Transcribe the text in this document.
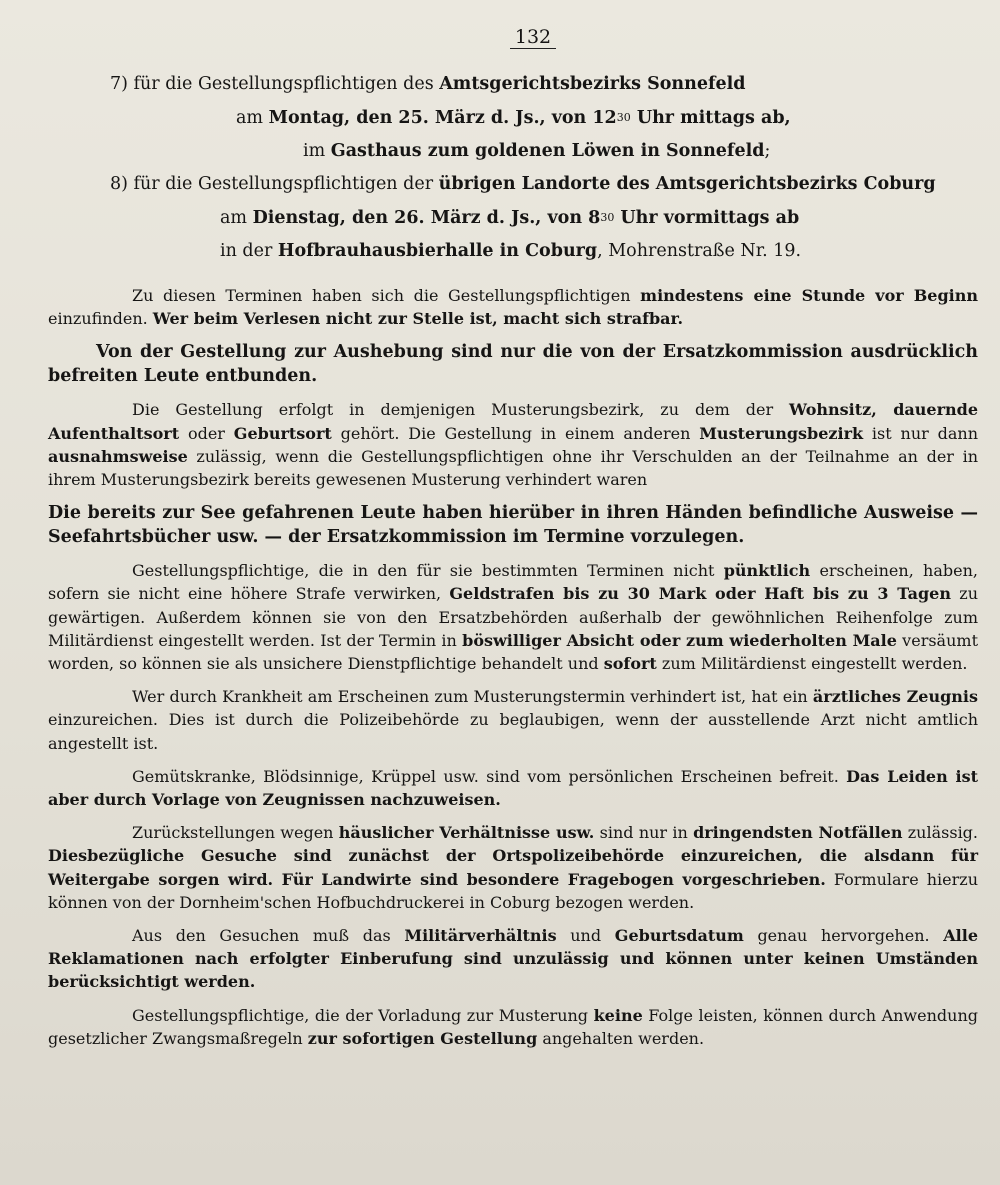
132

7) für die Gestellungspflichtigen des Amtsgerichtsbezirks Sonnefeld

am Montag, den 25. März d. Js., von $12^{30}$ Uhr mittags ab,

im Gasthaus zum goldenen Löwen in Sonnefeld;

8) für die Gestellungspflichtigen der übrigen Landorte des Amtsgerichtsbezirks Coburg

am Dienstag, den 26. März d. Js., von $8^{30}$ Uhr vormittags ab

in der Hofbrauhausbierhalle in Coburg, Mohrenstraße Nr. 19.

Zu diesen Terminen haben sich die Gestellungspflichtigen mindestens eine Stunde vor Beginn einzufinden. Wer beim Verlesen nicht zur Stelle ist, macht sich strafbar.

Von der Gestellung zur Aushebung sind nur die von der Ersatzkommission ausdrücklich befreiten Leute entbunden.

Die Gestellung erfolgt in demjenigen Musterungsbezirk, zu dem der Wohnsitz, dauernde Aufenthaltsort oder Geburtsort gehört. Die Gestellung in einem anderen Musterungsbezirk ist nur dann ausnahmsweise zulässig, wenn die Gestellungspflichtigen ohne ihr Verschulden an der Teilnahme an der in ihrem Musterungsbezirk bereits gewesenen Musterung verhindert waren

Die bereits zur See gefahrenen Leute haben hierüber in ihren Händen befindliche Ausweise — Seefahrtsbücher usw. — der Ersatzkommission im Termine vorzulegen.

Gestellungspflichtige, die in den für sie bestimmten Terminen nicht pünktlich erscheinen, haben, sofern sie nicht eine höhere Strafe verwirken, Geldstrafen bis zu 30 Mark oder Haft bis zu 3 Tagen zu gewärtigen. Außerdem können sie von den Ersatzbehörden außerhalb der gewöhnlichen Reihenfolge zum Militärdienst eingestellt werden. Ist der Termin in böswilliger Absicht oder zum wiederholten Male versäumt worden, so können sie als unsichere Dienstpflichtige behandelt und sofort zum Militärdienst eingestellt werden.

Wer durch Krankheit am Erscheinen zum Musterungstermin verhindert ist, hat ein ärztliches Zeugnis einzureichen. Dies ist durch die Polizeibehörde zu beglaubigen, wenn der ausstellende Arzt nicht amtlich angestellt ist.

Gemütskranke, Blödsinnige, Krüppel usw. sind vom persönlichen Erscheinen befreit. Das Leiden ist aber durch Vorlage von Zeugnissen nachzuweisen.

Zurückstellungen wegen häuslicher Verhältnisse usw. sind nur in dringendsten Notfällen zulässig. Diesbezügliche Gesuche sind zunächst der Ortspolizeibehörde einzureichen, die alsdann für Weitergabe sorgen wird. Für Landwirte sind besondere Fragebogen vorgeschrieben. Formulare hierzu können von der Dornheim'schen Hofbuchdruckerei in Coburg bezogen werden.

Aus den Gesuchen muß das Militärverhältnis und Geburtsdatum genau hervorgehen. Alle Reklamationen nach erfolgter Einberufung sind unzulässig und können unter keinen Umständen berücksichtigt werden.

Gestellungspflichtige, die der Vorladung zur Musterung keine Folge leisten, können durch Anwendung gesetzlicher Zwangsmaßregeln zur sofortigen Gestellung angehalten werden.
